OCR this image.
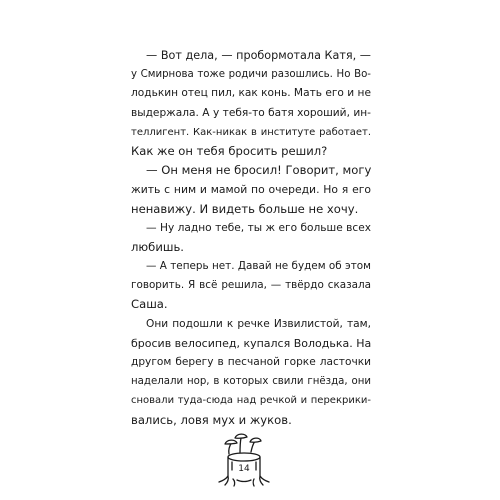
— Вот дела, — пробормотала Катя, —
у Смирнова тоже родичи разошлись. Но Во-
лодькин отец пил, как конь. Мать его и не
выдержала. А у тебя-то батя хороший, ин-
теллигент. Как-никак в институте работает.
Как же он тебя бросить решил?
— Он меня не бросил! Говорит, могу
жить с ним и мамой по очереди. Но я его
ненавижу. И видеть больше не хочу.
— Ну ладно тебе, ты ж его больше всех
любишь.
— А теперь нет. Давай не будем об этом
говорить. Я всё решила, — твёрдо сказала
Саша.
Они подошли к речке Извилистой, там,
бросив велосипед, купался Володька. На
другом берегу в песчаной горке ласточки
наделали нор, в которых свили гнёзда, они
сновали туда-сюда над речкой и перекрики-
вались, ловя мух и жуков.
14
